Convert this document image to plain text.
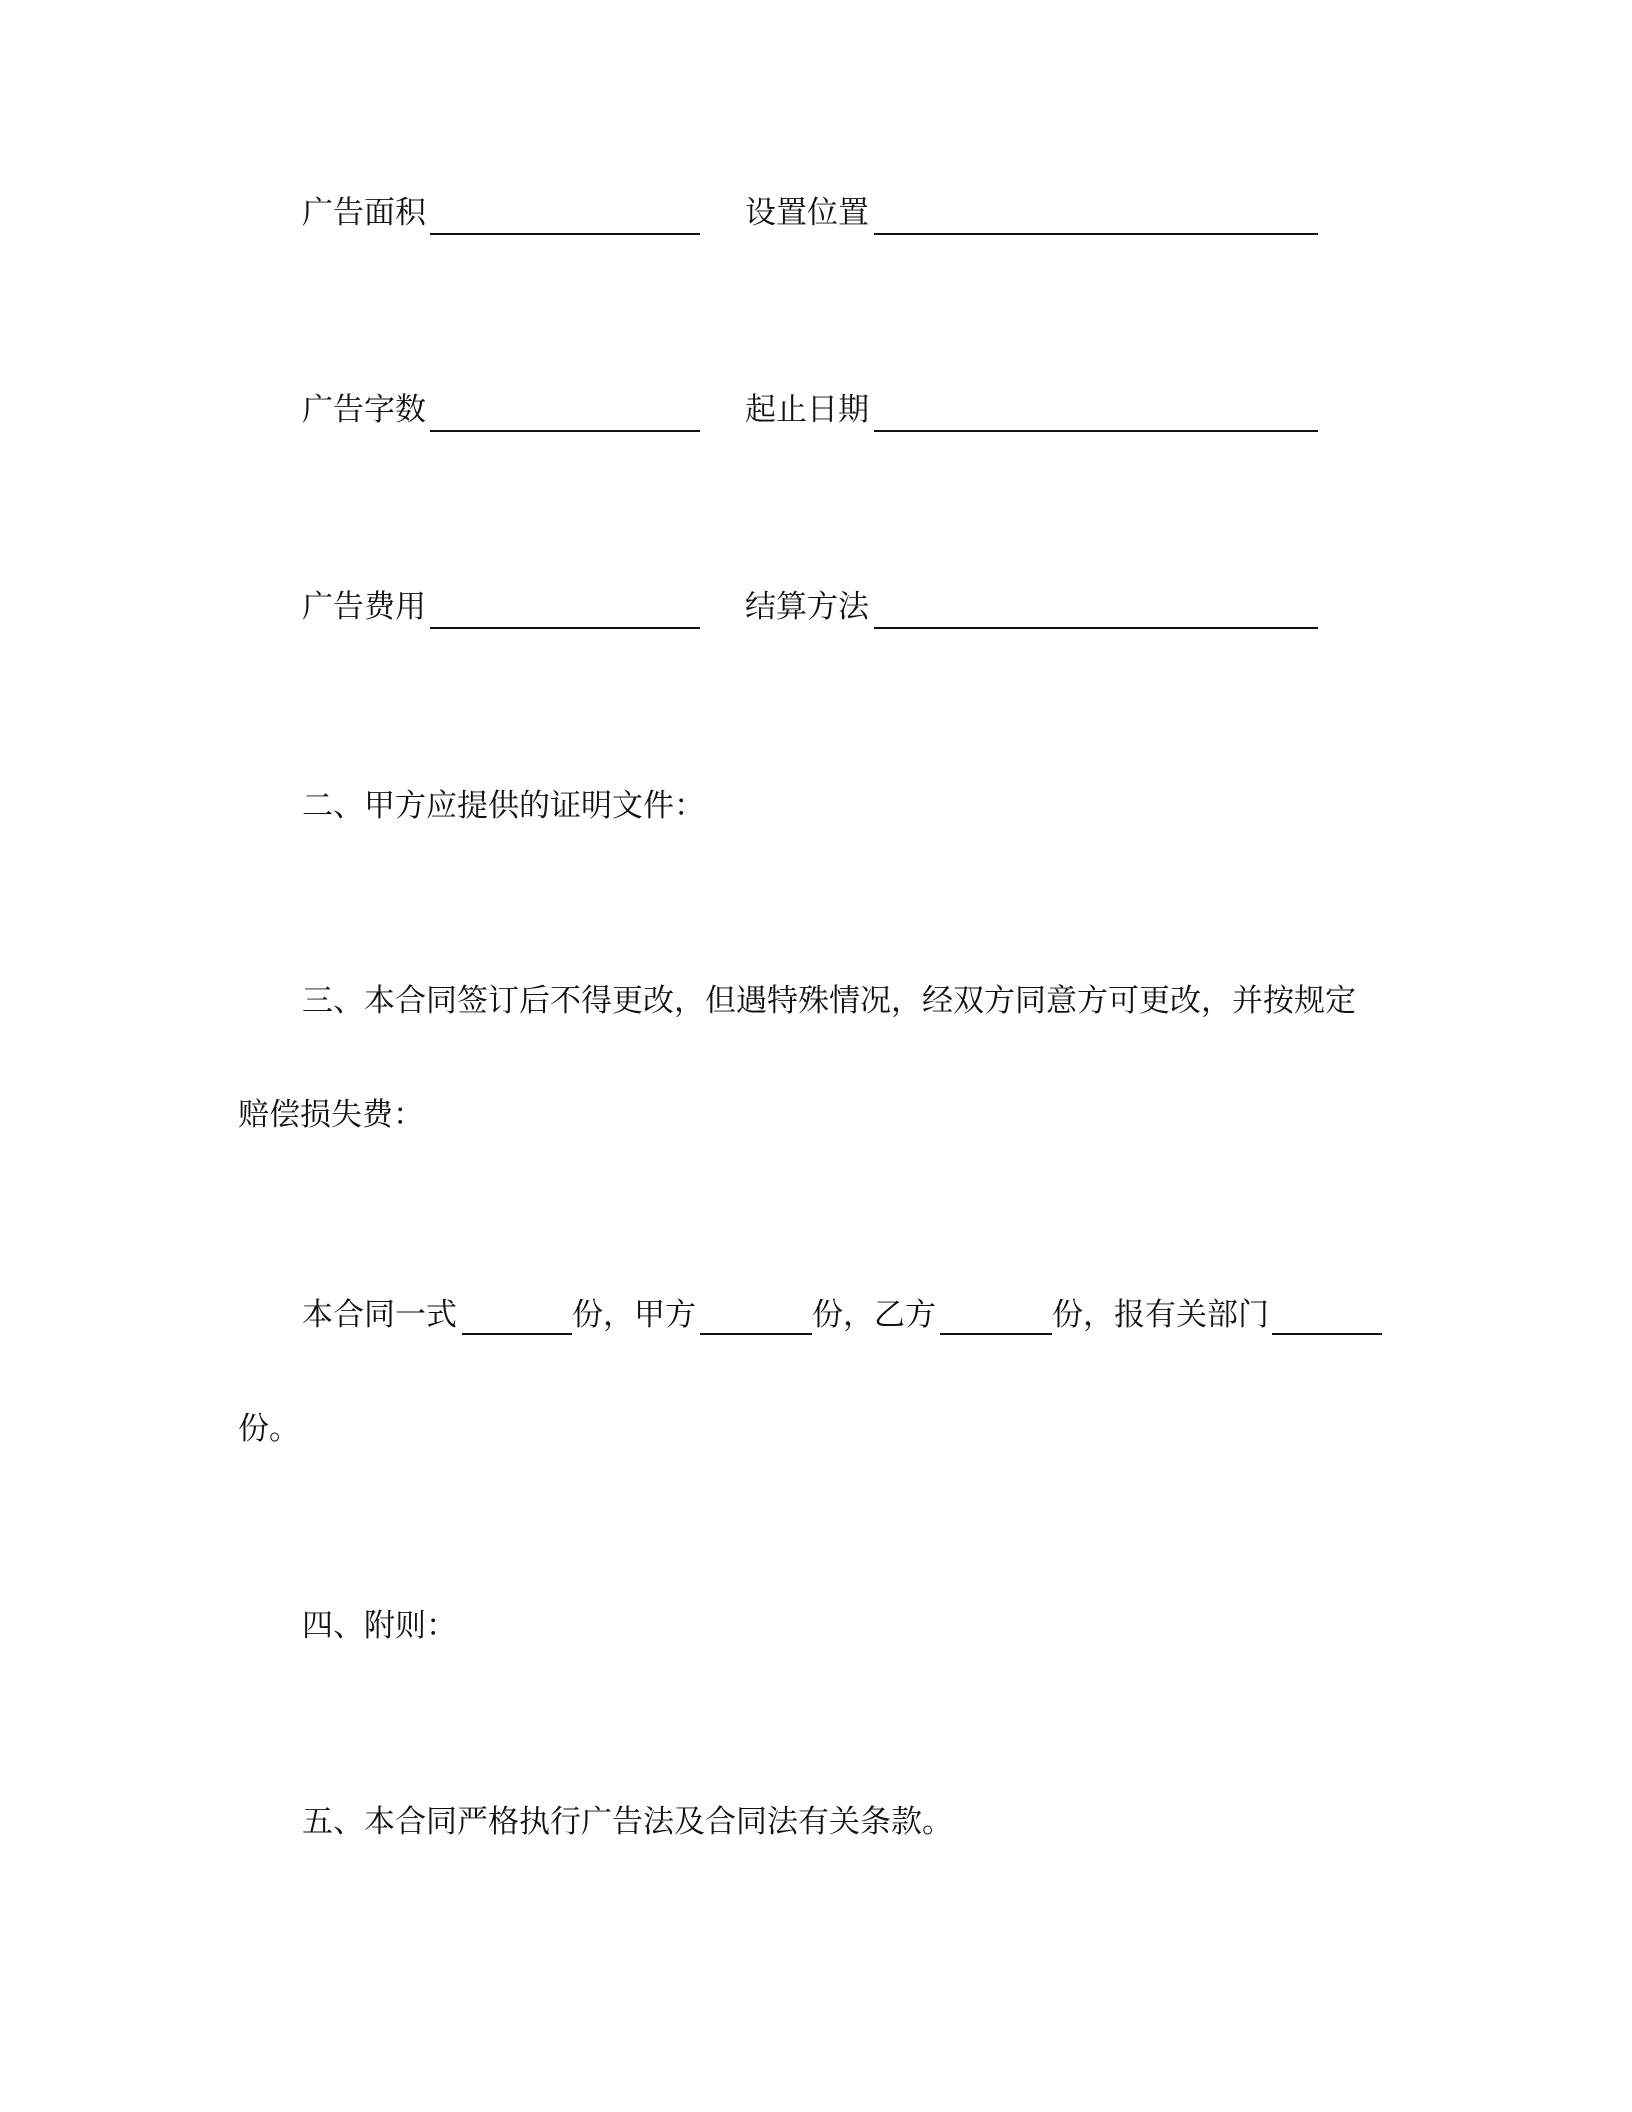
广告面积	设置位置
广告字数	起止日期
广告费用	结算方法
二、甲方应提供的证明文件：
三、本合同签订后不得更改，但遇特殊情况，经双方同意方可更改，并按规定
赔偿损失费：
本合同一式	份，甲方	份，乙方	份，报有关部门
份。
四、附则：
五、本合同严格执行广告法及合同法有关条款。
